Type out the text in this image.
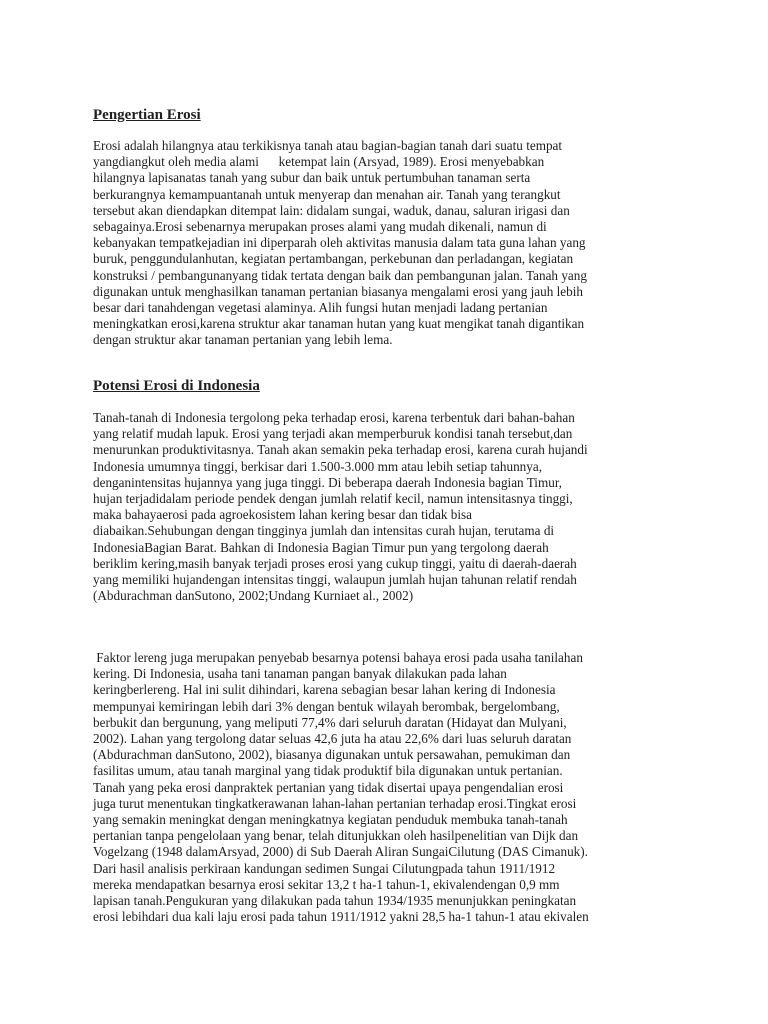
Pengertian Erosi

Erosi adalah hilangnya atau terkikisnya tanah atau bagian-bagian tanah dari suatu tempat
yangdiangkut oleh media alami      ketempat lain (Arsyad, 1989). Erosi menyebabkan
hilangnya lapisanatas tanah yang subur dan baik untuk pertumbuhan tanaman serta
berkurangnya kemampuantanah untuk menyerap dan menahan air. Tanah yang terangkut
tersebut akan diendapkan ditempat lain: didalam sungai, waduk, danau, saluran irigasi dan
sebagainya.Erosi sebenarnya merupakan proses alami yang mudah dikenali, namun di
kebanyakan tempatkejadian ini diperparah oleh aktivitas manusia dalam tata guna lahan yang
buruk, penggundulanhutan, kegiatan pertambangan, perkebunan dan perladangan, kegiatan
konstruksi / pembangunanyang tidak tertata dengan baik dan pembangunan jalan. Tanah yang
digunakan untuk menghasilkan tanaman pertanian biasanya mengalami erosi yang jauh lebih
besar dari tanahdengan vegetasi alaminya. Alih fungsi hutan menjadi ladang pertanian
meningkatkan erosi,karena struktur akar tanaman hutan yang kuat mengikat tanah digantikan
dengan struktur akar tanaman pertanian yang lebih lema.

Potensi Erosi di Indonesia

Tanah-tanah di Indonesia tergolong peka terhadap erosi, karena terbentuk dari bahan-bahan
yang relatif mudah lapuk. Erosi yang terjadi akan memperburuk kondisi tanah tersebut,dan
menurunkan produktivitasnya. Tanah akan semakin peka terhadap erosi, karena curah hujandi
Indonesia umumnya tinggi, berkisar dari 1.500-3.000 mm atau lebih setiap tahunnya,
denganintensitas hujannya yang juga tinggi. Di beberapa daerah Indonesia bagian Timur,
hujan terjadidalam periode pendek dengan jumlah relatif kecil, namun intensitasnya tinggi,
maka bahayaerosi pada agroekosistem lahan kering besar dan tidak bisa
diabaikan.Sehubungan dengan tingginya jumlah dan intensitas curah hujan, terutama di
IndonesiaBagian Barat. Bahkan di Indonesia Bagian Timur pun yang tergolong daerah
beriklim kering,masih banyak terjadi proses erosi yang cukup tinggi, yaitu di daerah-daerah
yang memiliki hujandengan intensitas tinggi, walaupun jumlah hujan tahunan relatif rendah
(Abdurachman danSutono, 2002;Undang Kurniaet al., 2002)

Faktor lereng juga merupakan penyebab besarnya potensi bahaya erosi pada usaha tanilahan
kering. Di Indonesia, usaha tani tanaman pangan banyak dilakukan pada lahan
keringberlereng. Hal ini sulit dihindari, karena sebagian besar lahan kering di Indonesia
mempunyai kemiringan lebih dari 3% dengan bentuk wilayah berombak, bergelombang,
berbukit dan bergunung, yang meliputi 77,4% dari seluruh daratan (Hidayat dan Mulyani,
2002). Lahan yang tergolong datar seluas 42,6 juta ha atau 22,6% dari luas seluruh daratan
(Abdurachman danSutono, 2002), biasanya digunakan untuk persawahan, pemukiman dan
fasilitas umum, atau tanah marginal yang tidak produktif bila digunakan untuk pertanian.
Tanah yang peka erosi danpraktek pertanian yang tidak disertai upaya pengendalian erosi
juga turut menentukan tingkatkerawanan lahan-lahan pertanian terhadap erosi.Tingkat erosi
yang semakin meningkat dengan meningkatnya kegiatan penduduk membuka tanah-tanah
pertanian tanpa pengelolaan yang benar, telah ditunjukkan oleh hasilpenelitian van Dijk dan
Vogelzang (1948 dalamArsyad, 2000) di Sub Daerah Aliran SungaiCilutung (DAS Cimanuk).
Dari hasil analisis perkiraan kandungan sedimen Sungai Cilutungpada tahun 1911/1912
mereka mendapatkan besarnya erosi sekitar 13,2 t ha-1 tahun-1, ekivalendengan 0,9 mm
lapisan tanah.Pengukuran yang dilakukan pada tahun 1934/1935 menunjukkan peningkatan
erosi lebihdari dua kali laju erosi pada tahun 1911/1912 yakni 28,5 ha-1 tahun-1 atau ekivalen
